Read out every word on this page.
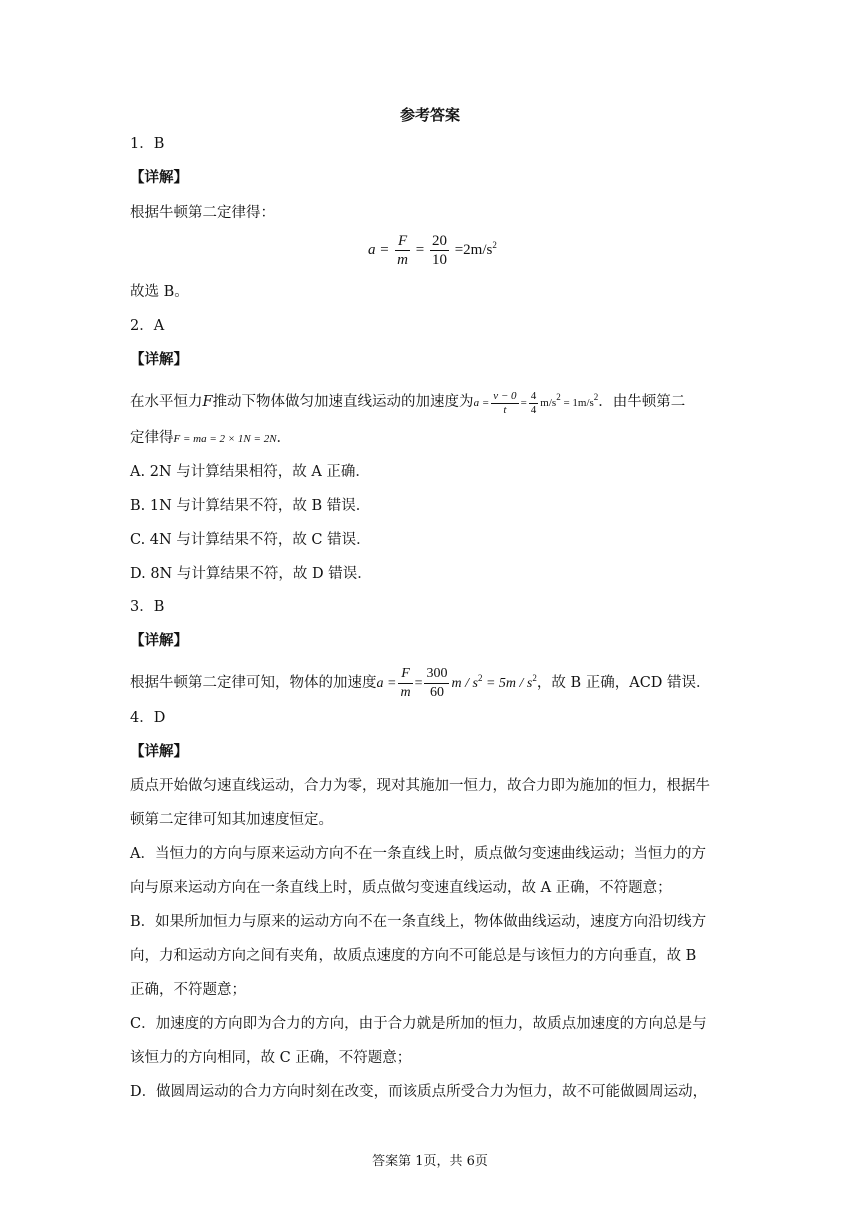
参考答案
1．B
【详解】
根据牛顿第二定律得：
$a = \frac{F}{m} = \frac{20}{10} =2m/s^2$
故选 B。
2．A
【详解】
在水平恒力F推动下物体做匀加速直线运动的加速度为$a = \frac{v - 0}{t} = \frac{4}{4} m/s^2 = 1m/s^2$．由牛顿第二
定律得F = ma = 2 × 1N = 2N．
A. 2N 与计算结果相符，故 A 正确．
B. 1N 与计算结果不符，故 B 错误．
C. 4N 与计算结果不符，故 C 错误．
D. 8N 与计算结果不符，故 D 错误．
3．B
【详解】
根据牛顿第二定律可知，物体的加速度$a = \frac{F}{m} = \frac{300}{60}$ $m / s^2 = 5m / s^2$，故 B 正确，ACD 错误．
4．D
【详解】
质点开始做匀速直线运动，合力为零，现对其施加一恒力，故合力即为施加的恒力，根据牛
顿第二定律可知其加速度恒定。
A．当恒力的方向与原来运动方向不在一条直线上时，质点做匀变速曲线运动；当恒力的方
向与原来运动方向在一条直线上时，质点做匀变速直线运动，故 A 正确，不符题意；
B．如果所加恒力与原来的运动方向不在一条直线上，物体做曲线运动，速度方向沿切线方
向，力和运动方向之间有夹角，故质点速度的方向不可能总是与该恒力的方向垂直，故 B
正确，不符题意；
C．加速度的方向即为合力的方向，由于合力就是所加的恒力，故质点加速度的方向总是与
该恒力的方向相同，故 C 正确，不符题意；
D．做圆周运动的合力方向时刻在改变，而该质点所受合力为恒力，故不可能做圆周运动，
答案第 1页，共 6页
